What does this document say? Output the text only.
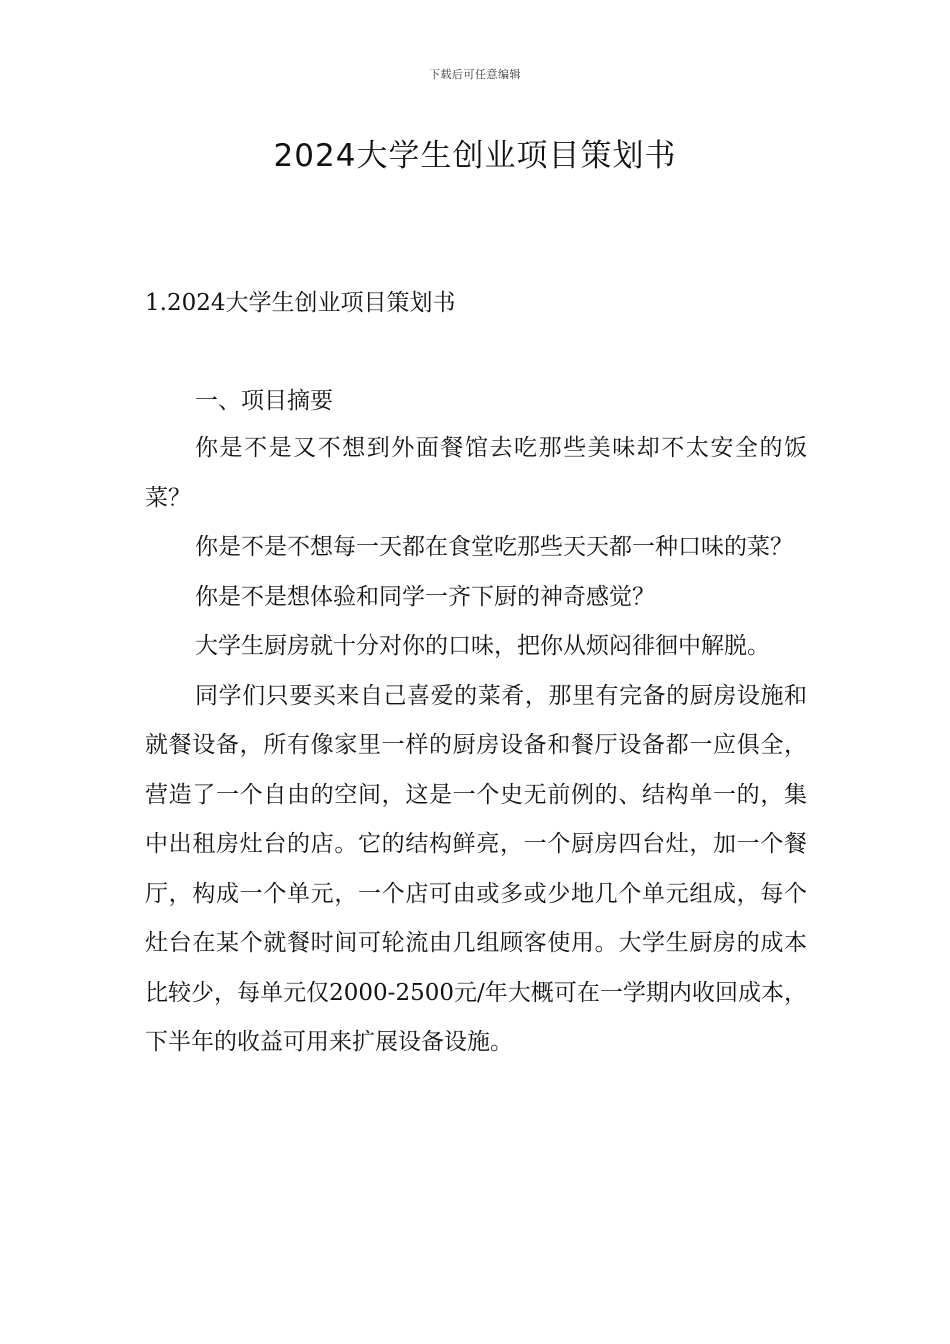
下载后可任意编辑
2024大学生创业项目策划书
1.2024大学生创业项目策划书
一、项目摘要

你是不是又不想到外面餐馆去吃那些美味却不太安全的饭菜？

你是不是不想每一天都在食堂吃那些天天都一种口味的菜？

你是不是想体验和同学一齐下厨的神奇感觉？

大学生厨房就十分对你的口味，把你从烦闷徘徊中解脱。

同学们只要买来自己喜爱的菜肴，那里有完备的厨房设施和就餐设备，所有像家里一样的厨房设备和餐厅设备都一应俱全，营造了一个自由的空间，这是一个史无前例的、结构单一的，集中出租房灶台的店。它的结构鲜亮，一个厨房四台灶，加一个餐厅，构成一个单元，一个店可由或多或少地几个单元组成，每个灶台在某个就餐时间可轮流由几组顾客使用。大学生厨房的成本比较少，每单元仅2000-2500元/年大概可在一学期内收回成本，下半年的收益可用来扩展设备设施。
